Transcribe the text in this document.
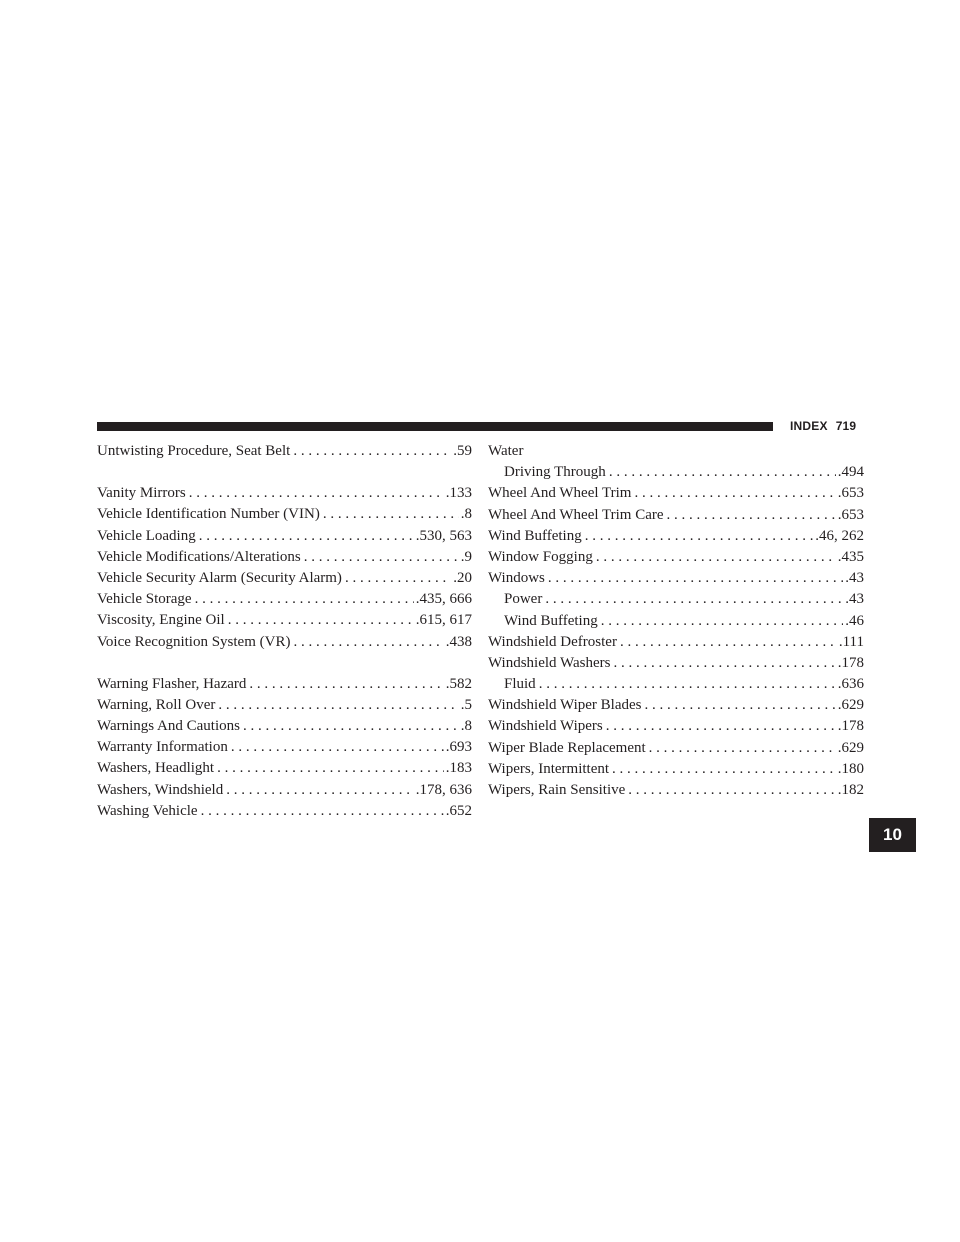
INDEX 719
Untwisting Procedure, Seat Belt . . .	.59
Vanity Mirrors . . .	.133
Vehicle Identification Number (VIN) . . .	.8
Vehicle Loading . . .	.530, 563
Vehicle Modifications/Alterations . . .	.9
Vehicle Security Alarm (Security Alarm) . . .	.20
Vehicle Storage . . .	.435, 666
Viscosity, Engine Oil . . .	.615, 617
Voice Recognition System (VR) . . .	.438
Warning Flasher, Hazard . . .	.582
Warning, Roll Over . . .	.5
Warnings And Cautions . . .	.8
Warranty Information . . .	.693
Washers, Headlight . . .	.183
Washers, Windshield . . .	.178, 636
Washing Vehicle . . .	.652
Water
Driving Through . . .	.494
Wheel And Wheel Trim . . .	.653
Wheel And Wheel Trim Care . . .	.653
Wind Buffeting . . .	.46, 262
Window Fogging . . .	.435
Windows . . .	.43
Power . . .	.43
Wind Buffeting . . .	.46
Windshield Defroster . . .	.111
Windshield Washers . . .	.178
Fluid . . .	.636
Windshield Wiper Blades . . .	.629
Windshield Wipers . . .	.178
Wiper Blade Replacement . . .	.629
Wipers, Intermittent . . .	.180
Wipers, Rain Sensitive . . .	.182
10
